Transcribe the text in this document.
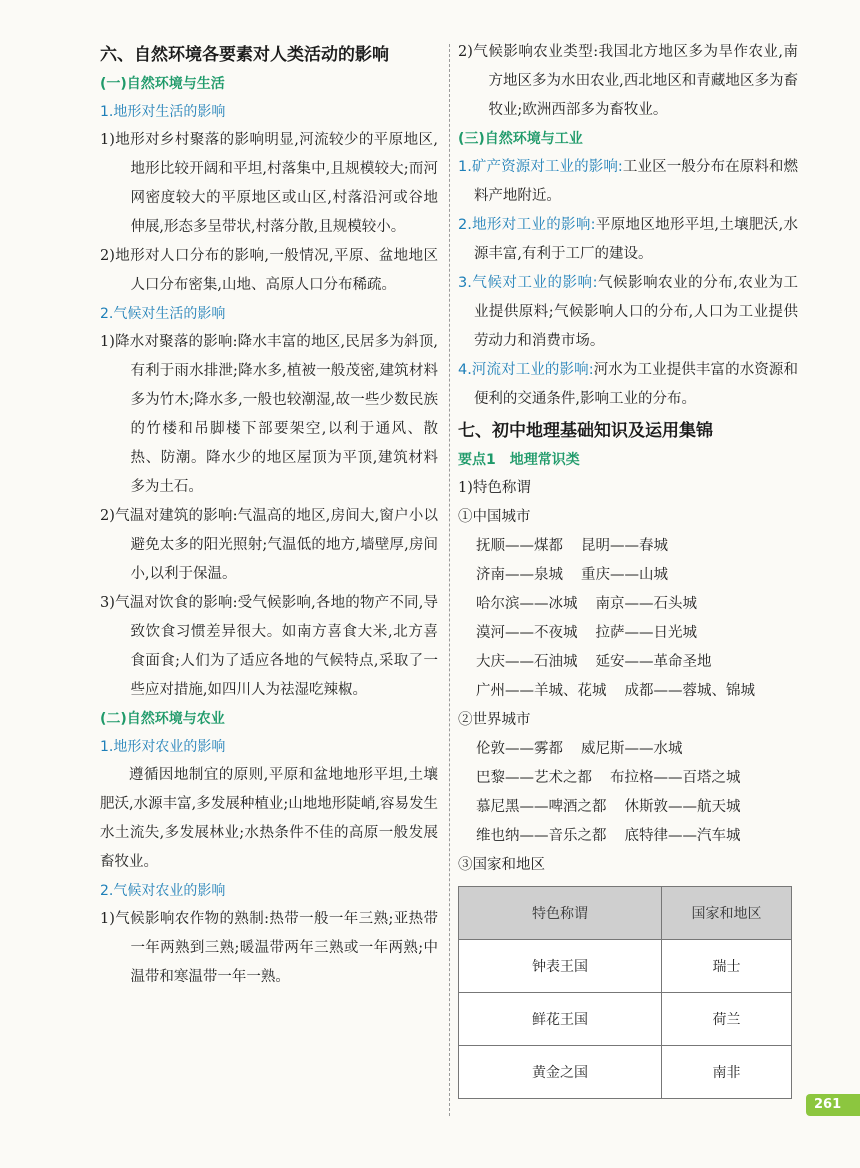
六、自然环境各要素对人类活动的影响
(一)自然环境与生活
1.地形对生活的影响

1)地形对乡村聚落的影响明显,河流较少的平原地区,地形比较开阔和平坦,村落集中,且规模较大;而河网密度较大的平原地区或山区,村落沿河或谷地伸展,形态多呈带状,村落分散,且规模较小。

2)地形对人口分布的影响,一般情况,平原、盆地地区人口分布密集,山地、高原人口分布稀疏。

2.气候对生活的影响

1)降水对聚落的影响:降水丰富的地区,民居多为斜顶,有利于雨水排泄;降水多,植被一般茂密,建筑材料多为竹木;降水多,一般也较潮湿,故一些少数民族的竹楼和吊脚楼下部要架空,以利于通风、散热、防潮。降水少的地区屋顶为平顶,建筑材料多为土石。

2)气温对建筑的影响:气温高的地区,房间大,窗户小以避免太多的阳光照射;气温低的地方,墙壁厚,房间小,以利于保温。

3)气温对饮食的影响:受气候影响,各地的物产不同,导致饮食习惯差异很大。如南方喜食大米,北方喜食面食;人们为了适应各地的气候特点,采取了一些应对措施,如四川人为祛湿吃辣椒。

(二)自然环境与农业
1.地形对农业的影响

遵循因地制宜的原则,平原和盆地地形平坦,土壤肥沃,水源丰富,多发展种植业;山地地形陡峭,容易发生水土流失,多发展林业;水热条件不佳的高原一般发展畜牧业。

2.气候对农业的影响

1)气候影响农作物的熟制:热带一般一年三熟;亚热带一年两熟到三熟;暖温带两年三熟或一年两熟;中温带和寒温带一年一熟。

2)气候影响农业类型:我国北方地区多为旱作农业,南方地区多为水田农业,西北地区和青藏地区多为畜牧业;欧洲西部多为畜牧业。

(三)自然环境与工业

1.矿产资源对工业的影响:工业区一般分布在原料和燃料产地附近。

2.地形对工业的影响:平原地区地形平坦,土壤肥沃,水源丰富,有利于工厂的建设。

3.气候对工业的影响:气候影响农业的分布,农业为工业提供原料;气候影响人口的分布,人口为工业提供劳动力和消费市场。

4.河流对工业的影响:河水为工业提供丰富的水资源和便利的交通条件,影响工业的分布。

七、初中地理基础知识及运用集锦
要点1 地理常识类

1)特色称谓

①中国城市

抚顺——煤都 昆明——春城
济南——泉城 重庆——山城
哈尔滨——冰城 南京——石头城
漠河——不夜城 拉萨——日光城
大庆——石油城 延安——革命圣地
广州——羊城、花城 成都——蓉城、锦城

②世界城市

伦敦——雾都 威尼斯——水城
巴黎——艺术之都 布拉格——百塔之城
慕尼黑——啤酒之都 休斯敦——航天城
维也纳——音乐之都 底特律——汽车城

③国家和地区

特色称谓	国家和地区
钟表王国	瑞士
鲜花王国	荷兰
黄金之国	南非
261
